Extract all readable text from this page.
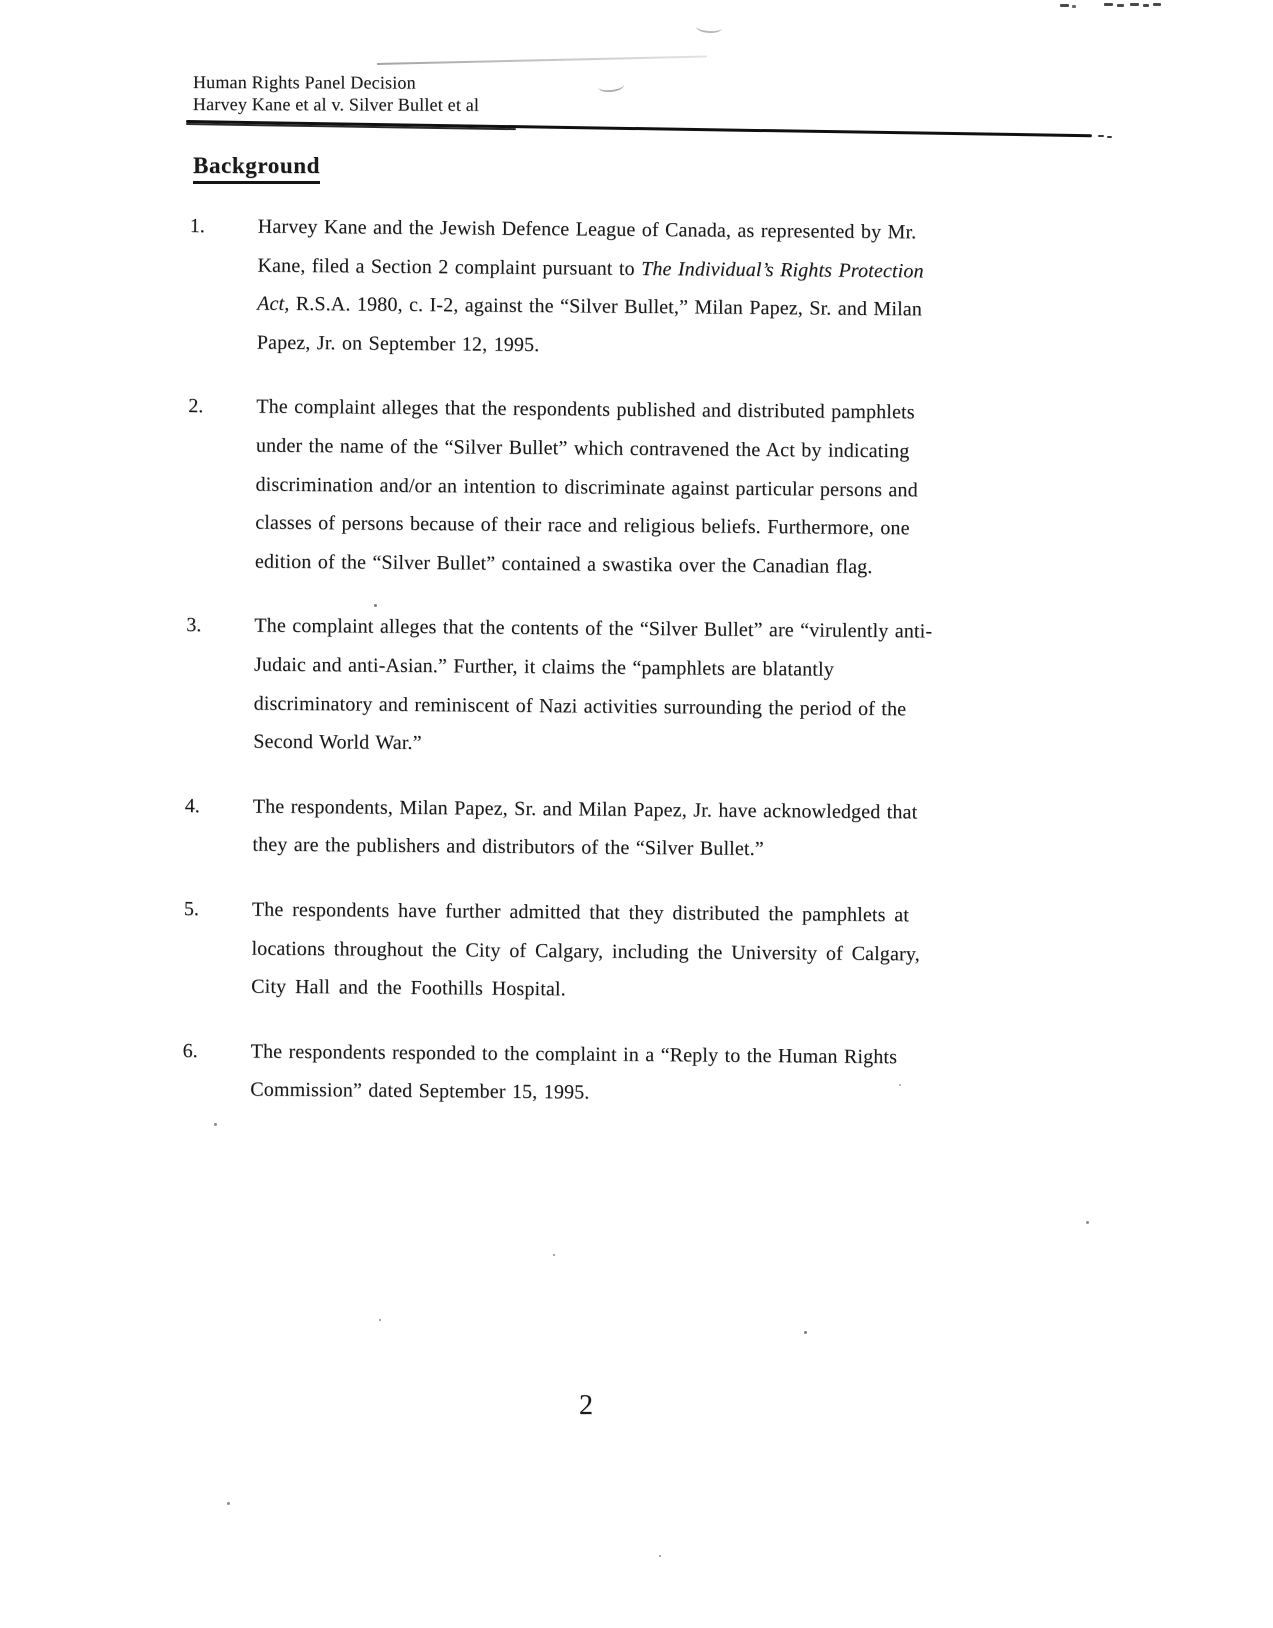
Human Rights Panel Decision
Harvey Kane et al v. Silver Bullet et al
Background
1.	Harvey Kane and the Jewish Defence League of Canada, as represented by Mr.
Kane, filed a Section 2 complaint pursuant to The Individual’s Rights Protection
Act, R.S.A. 1980, c. I-2, against the “Silver Bullet,” Milan Papez, Sr. and Milan
Papez, Jr. on September 12, 1995.
2.	The complaint alleges that the respondents published and distributed pamphlets
under the name of the “Silver Bullet” which contravened the Act by indicating
discrimination and/or an intention to discriminate against particular persons and
classes of persons because of their race and religious beliefs. Furthermore, one
edition of the “Silver Bullet” contained a swastika over the Canadian flag.
3.	The complaint alleges that the contents of the “Silver Bullet” are “virulently anti-
Judaic and anti-Asian.” Further, it claims the “pamphlets are blatantly
discriminatory and reminiscent of Nazi activities surrounding the period of the
Second World War.”
4.	The respondents, Milan Papez, Sr. and Milan Papez, Jr. have acknowledged that
they are the publishers and distributors of the “Silver Bullet.”
5.	The respondents have further admitted that they distributed the pamphlets at
locations throughout the City of Calgary, including the University of Calgary,
City Hall and the Foothills Hospital.
6.	The respondents responded to the complaint in a “Reply to the Human Rights
Commission” dated September 15, 1995.
2
